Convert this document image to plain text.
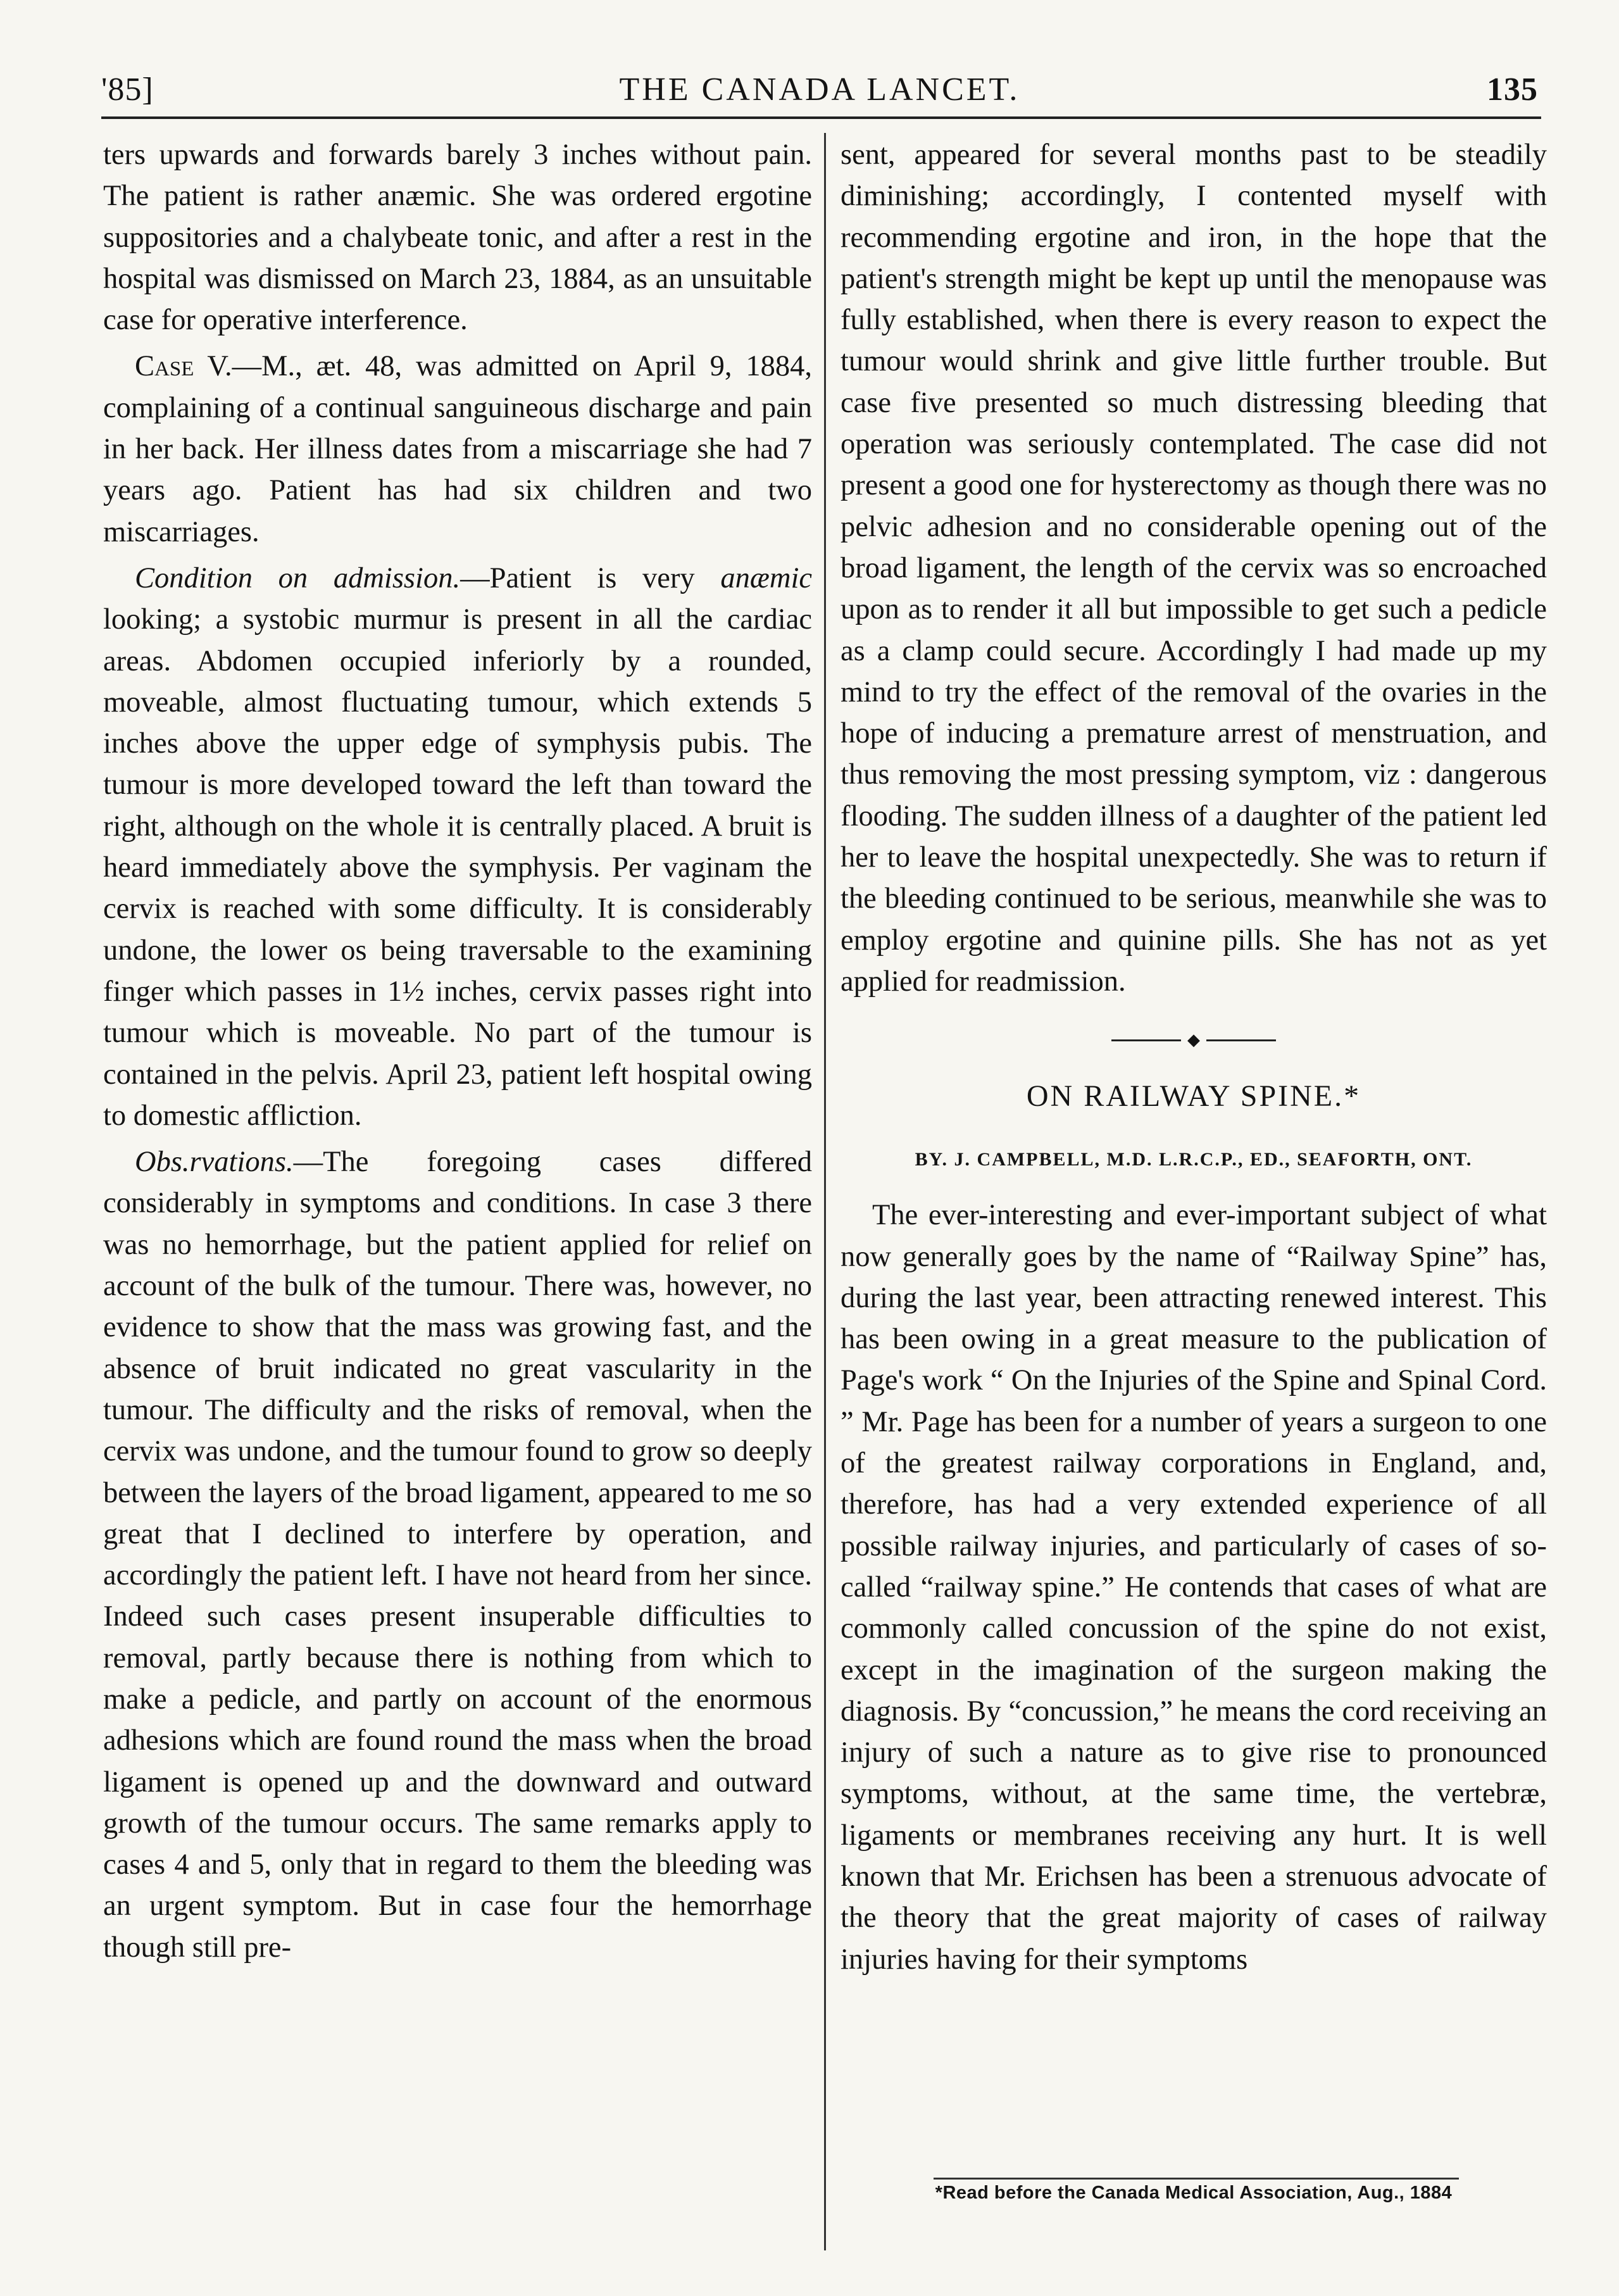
'85]	THE CANADA LANCET.	135

ters upwards and forwards barely 3 inches without pain. The patient is rather anæmic. She was ordered ergotine suppositories and a chalybeate tonic, and after a rest in the hospital was dismissed on March 23, 1884, as an unsuitable case for operative interference.

Case V.—M., æt. 48, was admitted on April 9, 1884, complaining of a continual sanguineous discharge and pain in her back. Her illness dates from a miscarriage she had 7 years ago. Patient has had six children and two miscarriages.

Condition on admission.—Patient is very anæmic looking; a systobic murmur is present in all the cardiac areas. Abdomen occupied inferiorly by a rounded, moveable, almost fluctuating tumour, which extends 5 inches above the upper edge of symphysis pubis. The tumour is more developed toward the left than toward the right, although on the whole it is centrally placed. A bruit is heard immediately above the symphysis. Per vaginam the cervix is reached with some difficulty. It is considerably undone, the lower os being traversable to the examining finger which passes in 1½ inches, cervix passes right into tumour which is moveable. No part of the tumour is contained in the pelvis. April 23, patient left hospital owing to domestic affliction.

Obs.rvations.—The foregoing cases differed considerably in symptoms and conditions. In case 3 there was no hemorrhage, but the patient applied for relief on account of the bulk of the tumour. There was, however, no evidence to show that the mass was growing fast, and the absence of bruit indicated no great vascularity in the tumour. The difficulty and the risks of removal, when the cervix was undone, and the tumour found to grow so deeply between the layers of the broad ligament, appeared to me so great that I declined to interfere by operation, and accordingly the patient left. I have not heard from her since. Indeed such cases present insuperable difficulties to removal, partly because there is nothing from which to make a pedicle, and partly on account of the enormous adhesions which are found round the mass when the broad ligament is opened up and the downward and outward growth of the tumour occurs. The same remarks apply to cases 4 and 5, only that in regard to them the bleeding was an urgent symptom. But in case four the hemorrhage though still pre-

sent, appeared for several months past to be steadily diminishing; accordingly, I contented myself with recommending ergotine and iron, in the hope that the patient's strength might be kept up until the menopause was fully established, when there is every reason to expect the tumour would shrink and give little further trouble. But case five presented so much distressing bleeding that operation was seriously contemplated. The case did not present a good one for hysterectomy as though there was no pelvic adhesion and no considerable opening out of the broad ligament, the length of the cervix was so encroached upon as to render it all but impossible to get such a pedicle as a clamp could secure. Accordingly I had made up my mind to try the effect of the removal of the ovaries in the hope of inducing a premature arrest of menstruation, and thus removing the most pressing symptom, viz : dangerous flooding. The sudden illness of a daughter of the patient led her to leave the hospital unexpectedly. She was to return if the bleeding continued to be serious, meanwhile she was to employ ergotine and quinine pills. She has not as yet applied for readmission.

◆
ON RAILWAY SPINE.*
BY. J. CAMPBELL, M.D. L.R.C.P., ED., SEAFORTH, ONT.

The ever-interesting and ever-important subject of what now generally goes by the name of “Railway Spine” has, during the last year, been attracting renewed interest. This has been owing in a great measure to the publication of Page's work “ On the Injuries of the Spine and Spinal Cord. ” Mr. Page has been for a number of years a surgeon to one of the greatest railway corporations in England, and, therefore, has had a very extended experience of all possible railway injuries, and particularly of cases of so-called “railway spine.” He contends that cases of what are commonly called concussion of the spine do not exist, except in the imagination of the surgeon making the diagnosis. By “concussion,” he means the cord receiving an injury of such a nature as to give rise to pronounced symptoms, without, at the same time, the vertebræ, ligaments or membranes receiving any hurt. It is well known that Mr. Erichsen has been a strenuous advocate of the theory that the great majority of cases of railway injuries having for their symptoms

*Read before the Canada Medical Association, Aug., 1884
